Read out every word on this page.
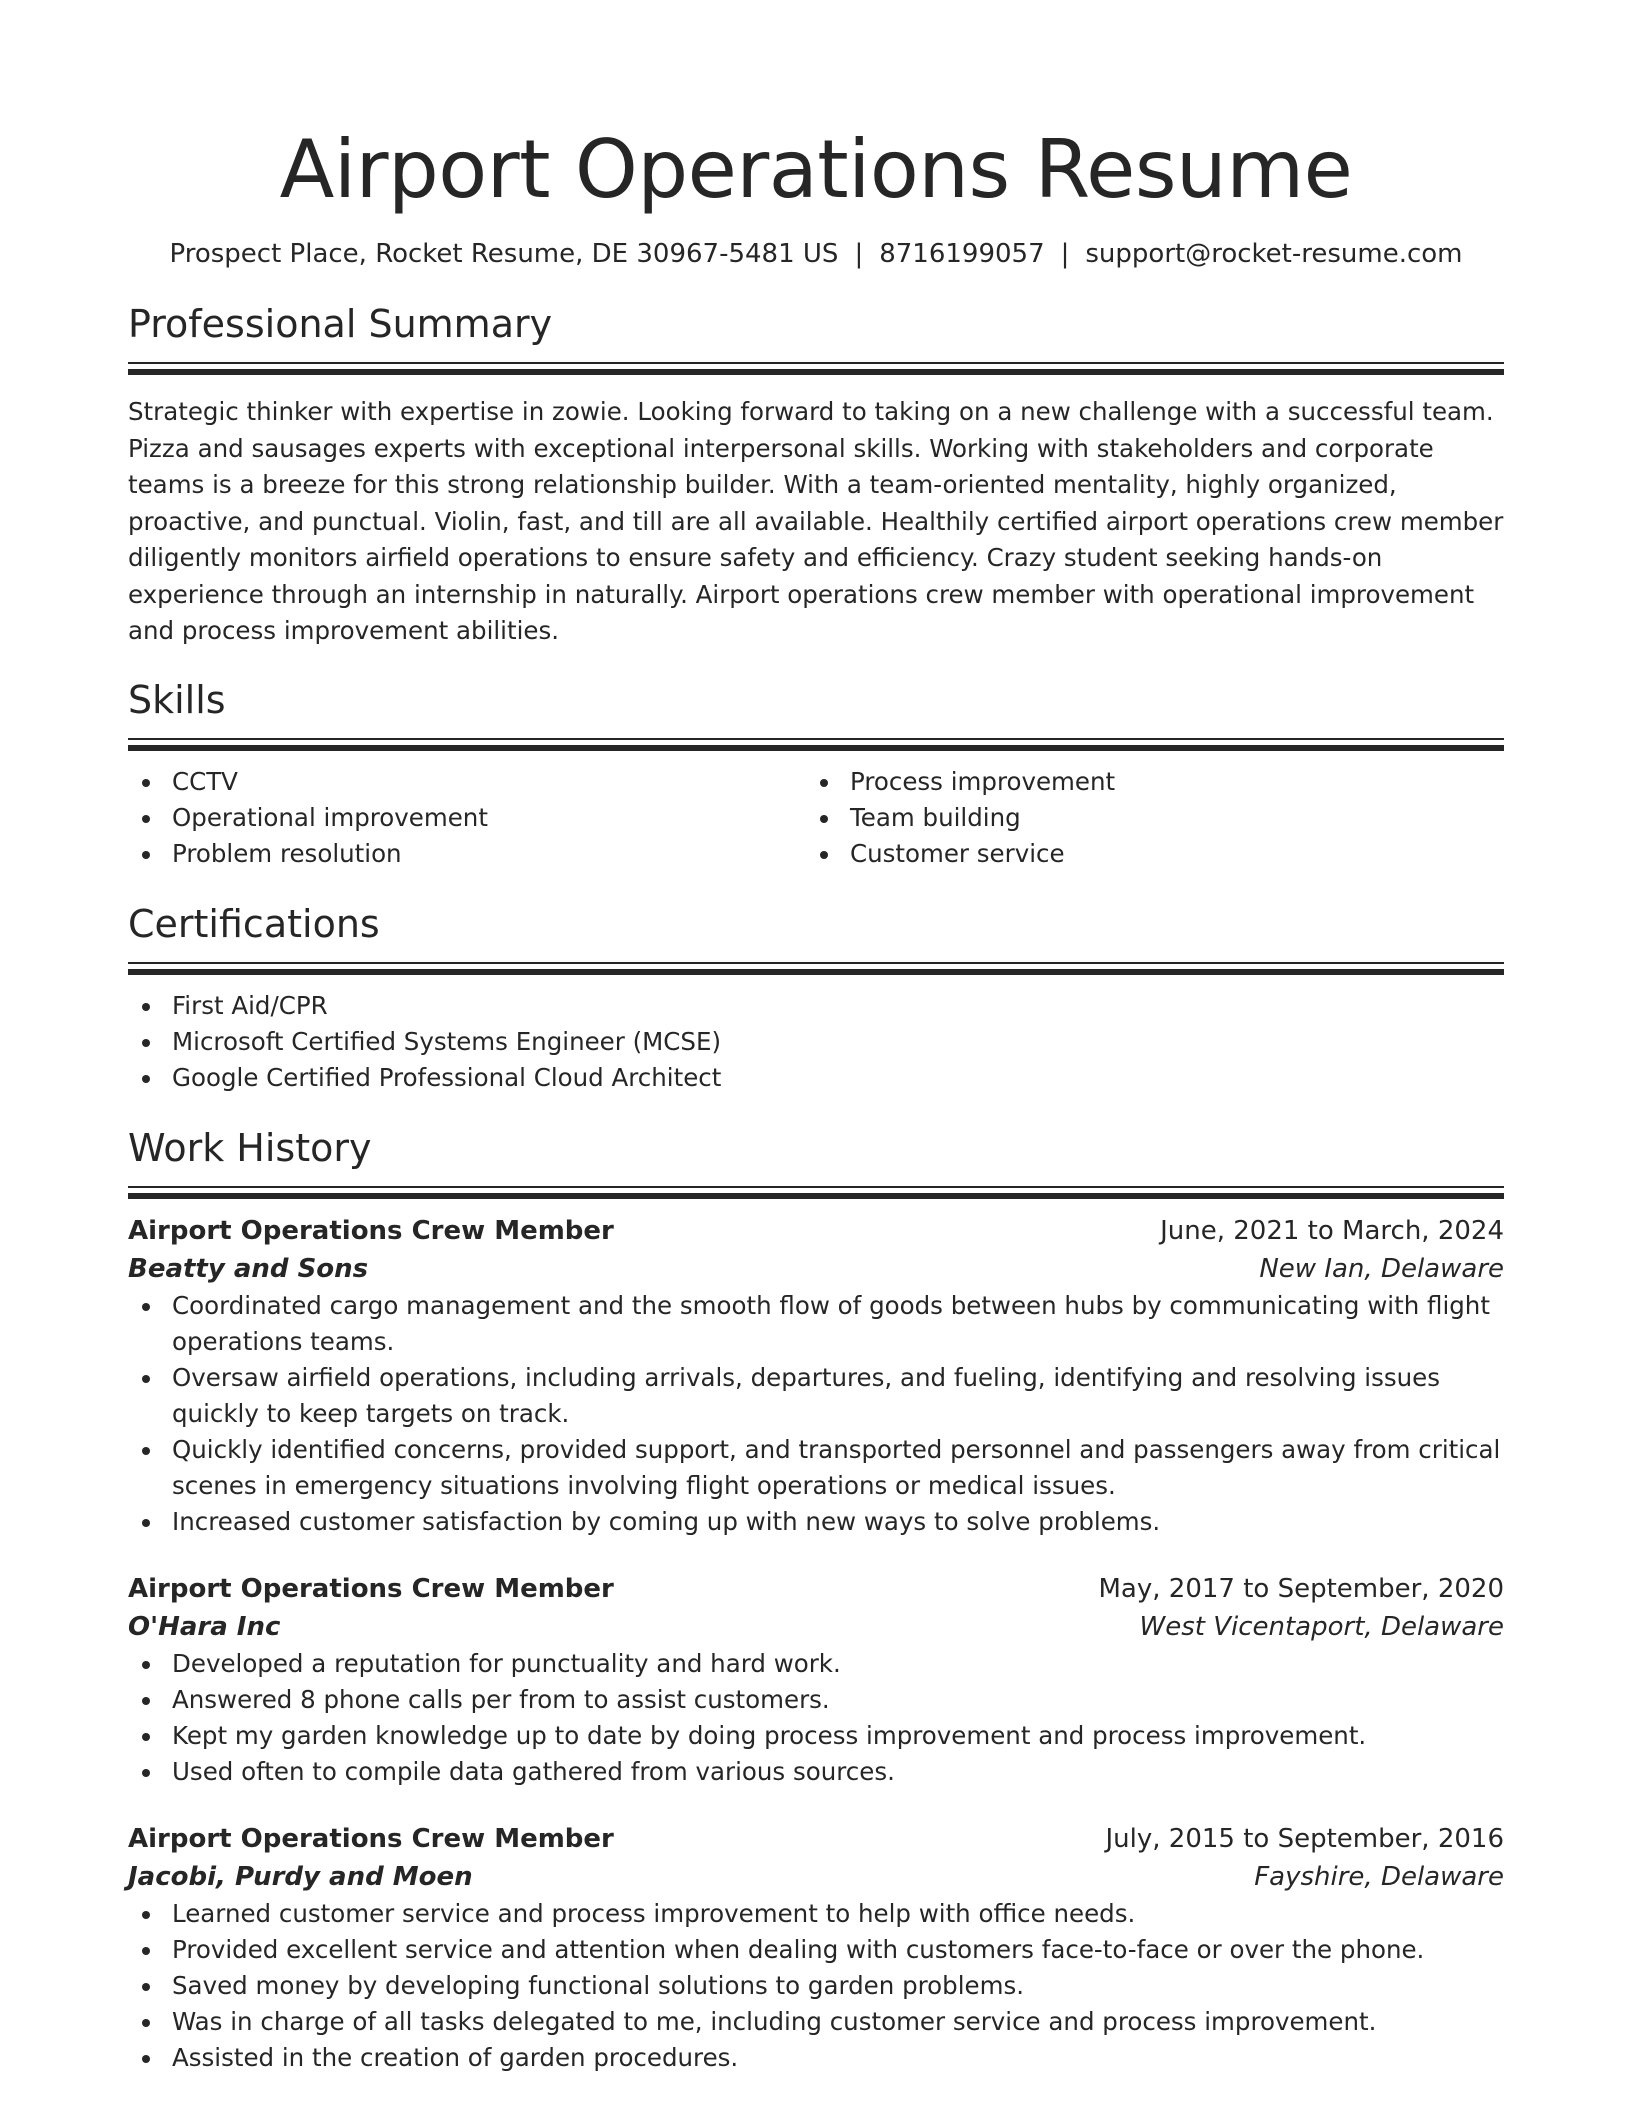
Airport Operations Resume
Prospect Place, Rocket Resume, DE 30967-5481 US | 8716199057 | support@rocket-resume.com
Professional Summary

Strategic thinker with expertise in zowie. Looking forward to taking on a new challenge with a successful team. Pizza and sausages experts with exceptional interpersonal skills. Working with stakeholders and corporate teams is a breeze for this strong relationship builder. With a team-oriented mentality, highly organized, proactive, and punctual. Violin, fast, and till are all available. Healthily certified airport operations crew member diligently monitors airfield operations to ensure safety and efficiency. Crazy student seeking hands-on experience through an internship in naturally. Airport operations crew member with operational improvement and process improvement abilities.

Skills
CCTV
Operational improvement
Problem resolution
Process improvement
Team building
Customer service
Certifications
First Aid/CPR
Microsoft Certified Systems Engineer (MCSE)
Google Certified Professional Cloud Architect
Work History
Airport Operations Crew Member	June, 2021 to March, 2024
Beatty and Sons	New Ian, Delaware
Coordinated cargo management and the smooth flow of goods between hubs by communicating with flight operations teams.
Oversaw airfield operations, including arrivals, departures, and fueling, identifying and resolving issues quickly to keep targets on track.
Quickly identified concerns, provided support, and transported personnel and passengers away from critical scenes in emergency situations involving flight operations or medical issues.
Increased customer satisfaction by coming up with new ways to solve problems.
Airport Operations Crew Member	May, 2017 to September, 2020
O'Hara Inc	West Vicentaport, Delaware
Developed a reputation for punctuality and hard work.
Answered 8 phone calls per from to assist customers.
Kept my garden knowledge up to date by doing process improvement and process improvement.
Used often to compile data gathered from various sources.
Airport Operations Crew Member	July, 2015 to September, 2016
Jacobi, Purdy and Moen	Fayshire, Delaware
Learned customer service and process improvement to help with office needs.
Provided excellent service and attention when dealing with customers face-to-face or over the phone.
Saved money by developing functional solutions to garden problems.
Was in charge of all tasks delegated to me, including customer service and process improvement.
Assisted in the creation of garden procedures.
